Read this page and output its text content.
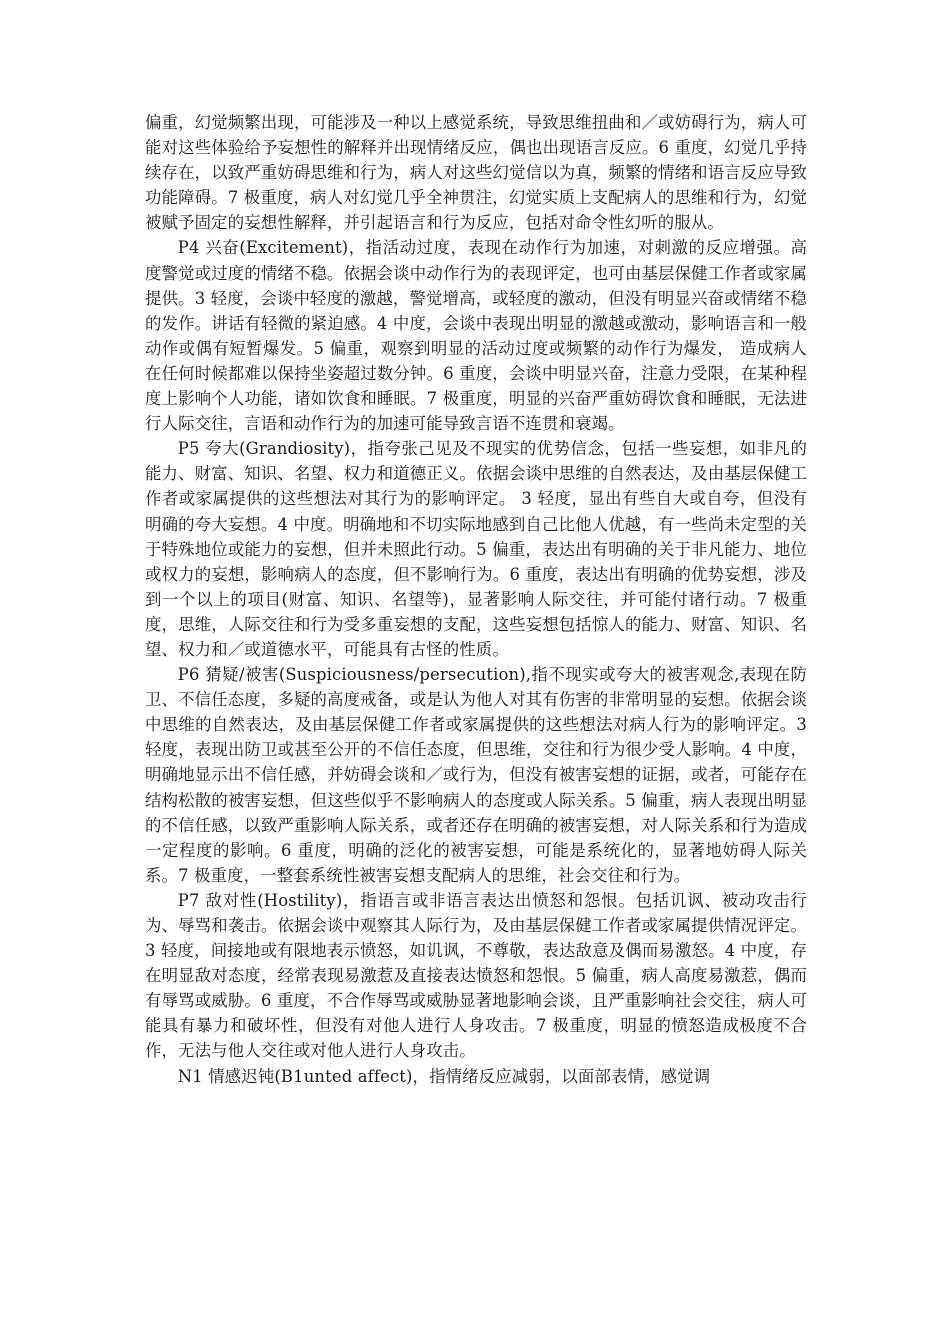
偏重，幻觉频繁出现，可能涉及一种以上感觉系统，导致思维扭曲和／或妨碍行为，病人可能对这些体验给予妄想性的解释并出现情绪反应，偶也出现语言反应。6 重度，幻觉几乎持续存在，以致严重妨碍思维和行为，病人对这些幻觉信以为真，频繁的情绪和语言反应导致功能障碍。7 极重度，病人对幻觉几乎全神贯注，幻觉实质上支配病人的思维和行为，幻觉被赋予固定的妄想性解释，并引起语言和行为反应，包括对命令性幻听的服从。

P4 兴奋(Excitement)，指活动过度，表现在动作行为加速，对刺激的反应增强。高度警觉或过度的情绪不稳。依据会谈中动作行为的表现评定，也可由基层保健工作者或家属提供。3 轻度，会谈中轻度的激越，警觉增高，或轻度的激动，但没有明显兴奋或情绪不稳的发作。讲话有轻微的紧迫感。4 中度，会谈中表现出明显的激越或激动，影响语言和一般动作或偶有短暂爆发。5 偏重，观察到明显的活动过度或频繁的动作行为爆发， 造成病人在任何时候都难以保持坐姿超过数分钟。6 重度，会谈中明显兴奋，注意力受限，在某种程度上影响个人功能，诸如饮食和睡眠。7 极重度，明显的兴奋严重妨碍饮食和睡眠，无法进行人际交往，言语和动作行为的加速可能导致言语不连贯和衰竭。

P5 夸大(Grandiosity)，指夸张己见及不现实的优势信念，包括一些妄想，如非凡的能力、财富、知识、名望、权力和道德正义。依据会谈中思维的自然表达，及由基层保健工作者或家属提供的这些想法对其行为的影响评定。 3 轻度，显出有些自大或自夸，但没有明确的夸大妄想。4 中度。明确地和不切实际地感到自己比他人优越，有一些尚未定型的关于特殊地位或能力的妄想，但并未照此行动。5 偏重，表达出有明确的关于非凡能力、地位或权力的妄想，影响病人的态度，但不影响行为。6 重度，表达出有明确的优势妄想，涉及到一个以上的项目(财富、知识、名望等)，显著影响人际交往，并可能付诸行动。7 极重度，思维，人际交往和行为受多重妄想的支配，这些妄想包括惊人的能力、财富、知识、名望、权力和／或道德水平，可能具有古怪的性质。

P6 猜疑/被害(Suspiciousness/persecution),指不现实或夸大的被害观念,表现在防卫、不信任态度，多疑的高度戒备，或是认为他人对其有伤害的非常明显的妄想。依据会谈中思维的自然表达，及由基层保健工作者或家属提供的这些想法对病人行为的影响评定。3 轻度，表现出防卫或甚至公开的不信任态度，但思维，交往和行为很少受人影响。4 中度，明确地显示出不信任感，并妨碍会谈和／或行为，但没有被害妄想的证据，或者，可能存在结构松散的被害妄想，但这些似乎不影响病人的态度或人际关系。5 偏重，病人表现出明显的不信任感，以致严重影响人际关系，或者还存在明确的被害妄想，对人际关系和行为造成一定程度的影响。6 重度，明确的泛化的被害妄想，可能是系统化的，显著地妨碍人际关系。7 极重度，一整套系统性被害妄想支配病人的思维，社会交往和行为。

P7 敌对性(Hostility)，指语言或非语言表达出愤怒和怨恨。包括讥讽、被动攻击行为、辱骂和袭击。依据会谈中观察其人际行为，及由基层保健工作者或家属提供情况评定。3 轻度，间接地或有限地表示愤怒，如讥讽，不尊敬，表达敌意及偶而易激怒。4 中度，存在明显敌对态度，经常表现易激惹及直接表达愤怒和怨恨。5 偏重，病人高度易激惹，偶而有辱骂或威胁。6 重度，不合作辱骂或威胁显著地影响会谈，且严重影响社会交往，病人可能具有暴力和破坏性，但没有对他人进行人身攻击。7 极重度，明显的愤怒造成极度不合作，无法与他人交往或对他人进行人身攻击。

N1 情感迟钝(B1unted affect)，指情绪反应减弱，以面部表情，感觉调
